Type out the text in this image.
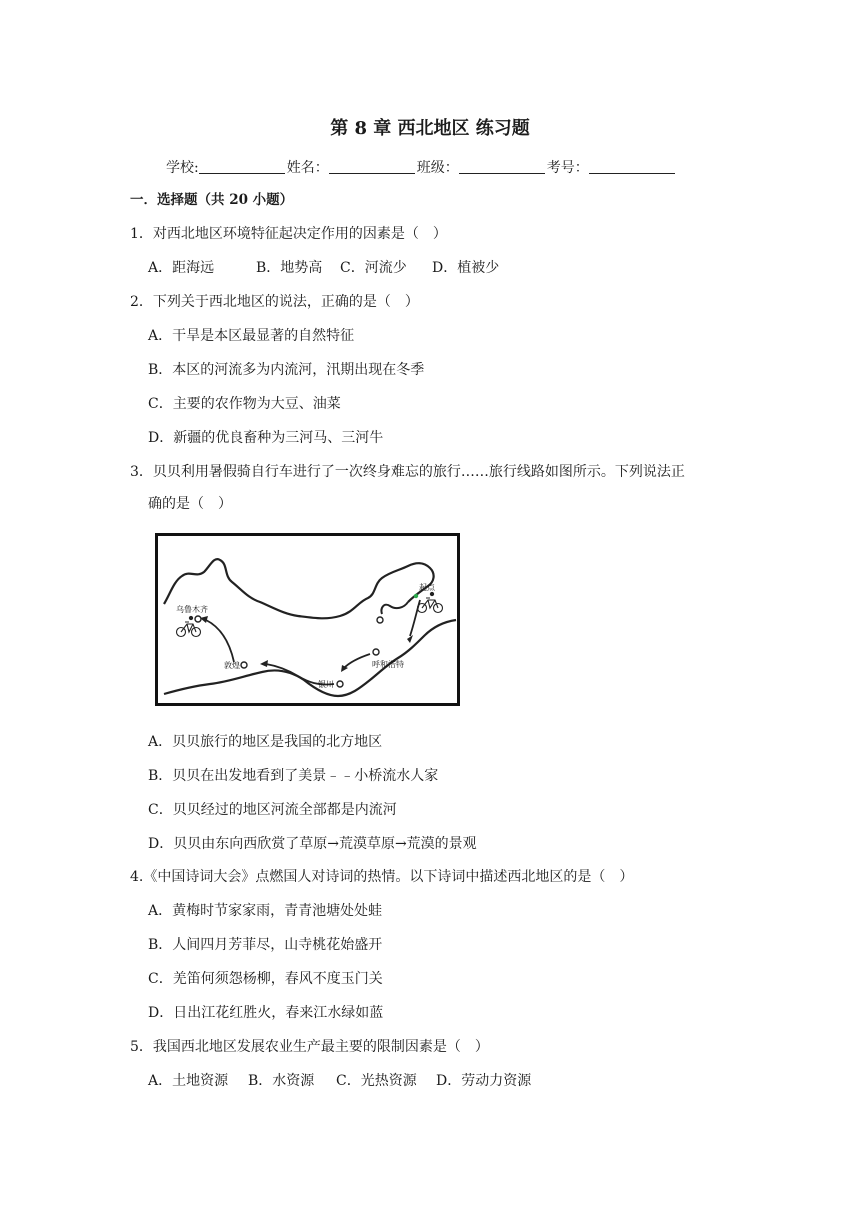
第 8 章 西北地区 练习题
学校:	姓名：	班级：	考号：
一．选择题（共 20 小题）
1．对西北地区环境特征起决定作用的因素是（　）
A．距海远	B．地势高 C．河流少 D．植被少
2．下列关于西北地区的说法，正确的是（　）
A．干旱是本区最显著的自然特征
B．本区的河流多为内流河，汛期出现在冬季
C．主要的农作物为大豆、油菜
D．新疆的优良畜种为三河马、三河牛
3．贝贝利用暑假骑自行车进行了一次终身难忘的旅行……旅行线路如图所示。下列说法正
确的是（　）
起点
乌鲁木齐
敦煌
银川
呼和浩特
A．贝贝旅行的地区是我国的北方地区
B．贝贝在出发地看到了美景﹣﹣小桥流水人家
C．贝贝经过的地区河流全部都是内流河
D．贝贝由东向西欣赏了草原→荒漠草原→荒漠的景观
4.《中国诗词大会》点燃国人对诗词的热情。以下诗词中描述西北地区的是（　）
A．黄梅时节家家雨，青青池塘处处蛙
B．人间四月芳菲尽，山寺桃花始盛开
C．羌笛何须怨杨柳，春风不度玉门关
D．日出江花红胜火，春来江水绿如蓝
5．我国西北地区发展农业生产最主要的限制因素是（　）
A．土地资源 B．水资源 C．光热资源 D．劳动力资源
